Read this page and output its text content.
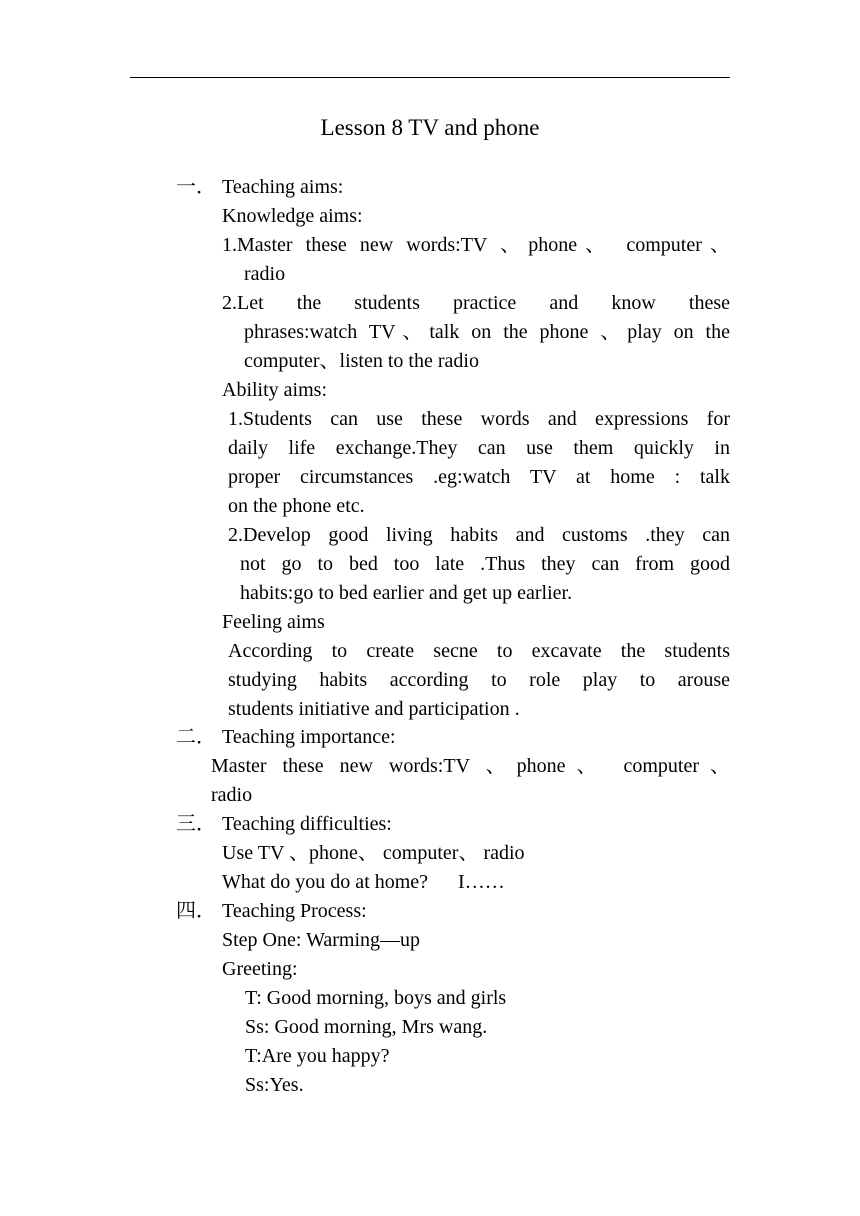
Lesson 8 TV and phone
一． Teaching aims:
Knowledge aims:
1.Master these new words:TV 、phone、 computer、
radio
2.Let the students practice and know these
phrases:watch TV、talk on the phone 、play on the
computer、listen to the radio
Ability aims:
1.Students can use these words and expressions for
daily life exchange.They can use them quickly in
proper circumstances .eg:watch TV at home : talk
on the phone etc.
2.Develop good living habits and customs .they can
not go to bed too late .Thus they can from good
habits:go to bed earlier and get up earlier.
Feeling aims
According to create secne to excavate the students
studying habits according to role play to arouse
students initiative and participation .
二． Teaching importance:
Master these new words:TV 、phone、 computer、
radio
三． Teaching difficulties:
Use TV 、phone、 computer、 radio
What do you do at home?      I……
四． Teaching Process:
Step One: Warming—up
Greeting:
T: Good morning, boys and girls
Ss: Good morning, Mrs wang.
T:Are you happy?
Ss:Yes.
